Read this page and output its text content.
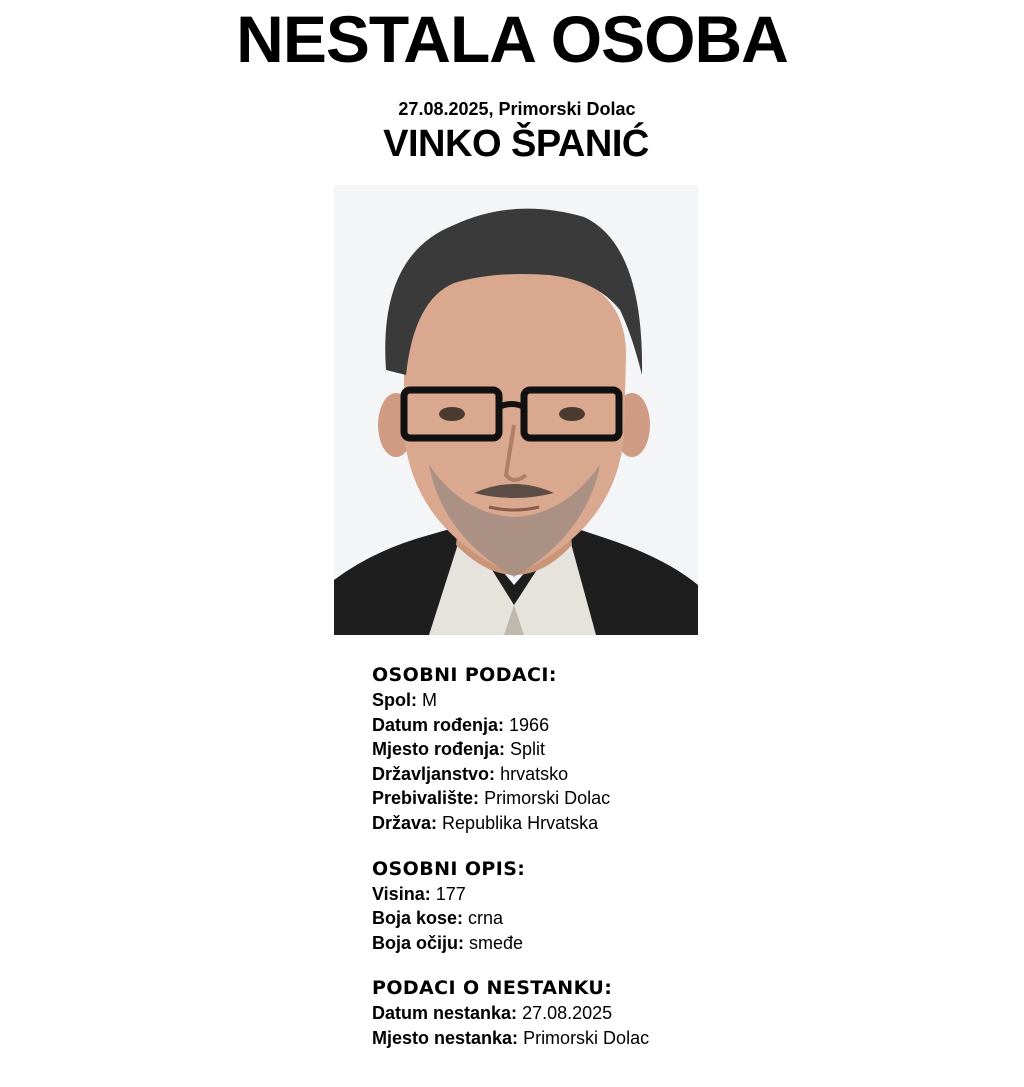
NESTALA OSOBA
27.08.2025, Primorski Dolac
VINKO ŠPANIĆ
OSOBNI PODACI:
Spol: M
Datum rođenja: 1966
Mjesto rođenja: Split
Državljanstvo: hrvatsko
Prebivalište: Primorski Dolac
Država: Republika Hrvatska
OSOBNI OPIS:
Visina: 177
Boja kose: crna
Boja očiju: smeđe
PODACI O NESTANKU:
Datum nestanka: 27.08.2025
Mjesto nestanka: Primorski Dolac
